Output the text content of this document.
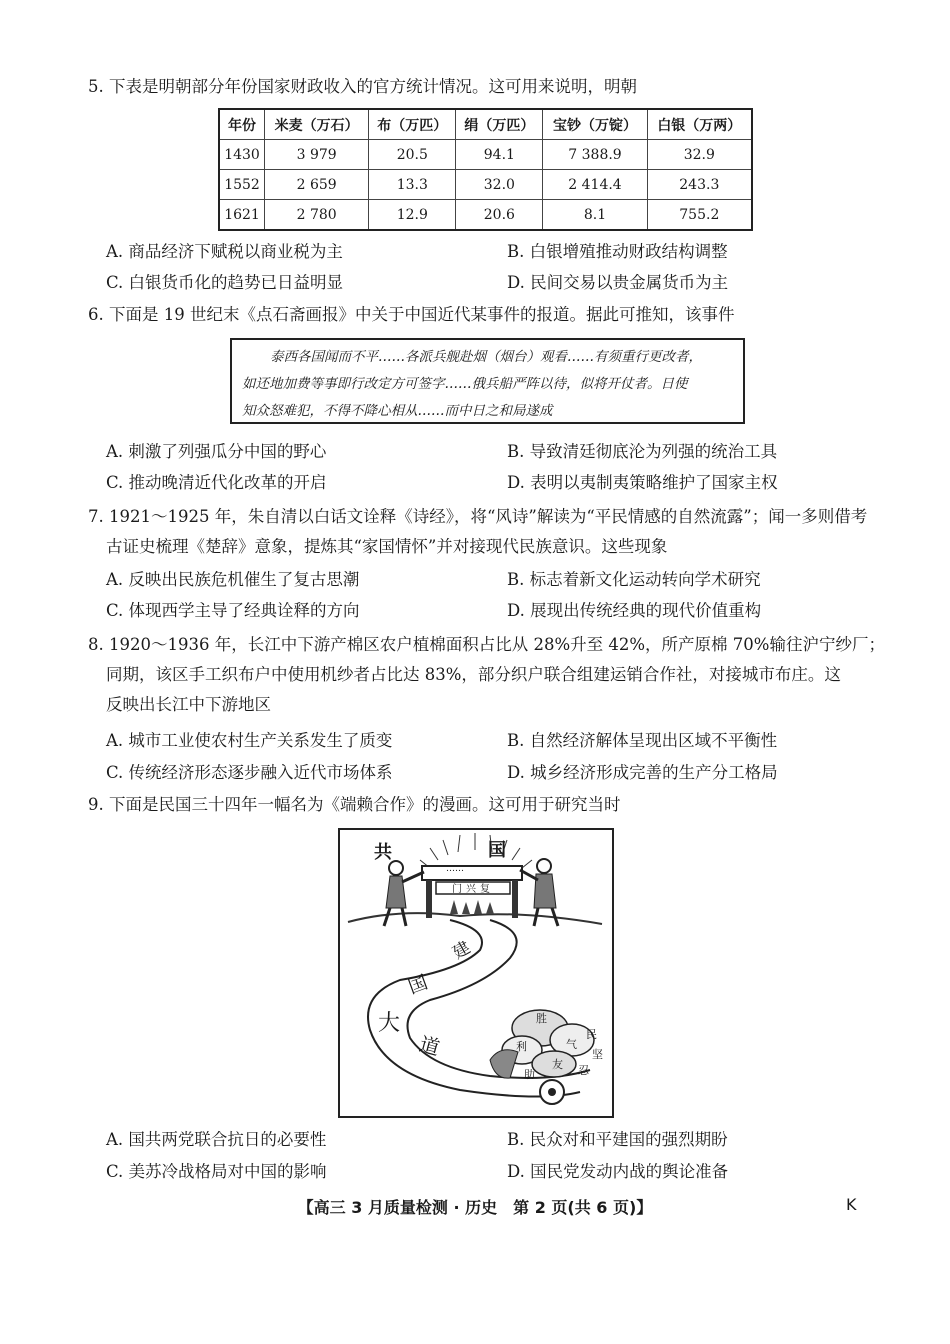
5. 下表是明朝部分年份国家财政收入的官方统计情况。这可用来说明，明朝
年份	米麦（万石）	布（万匹）	绢（万匹）	宝钞（万锭）	白银（万两）
1430	3 979	20.5	94.1	7 388.9	32.9
1552	2 659	13.3	32.0	2 414.4	243.3
1621	2 780	12.9	20.6	8.1	755.2
A. 商品经济下赋税以商业税为主	B. 白银增殖推动财政结构调整
C. 白银货币化的趋势已日益明显	D. 民间交易以贵金属货币为主
6. 下面是 19 世纪末《点石斋画报》中关于中国近代某事件的报道。据此可推知，该事件
泰西各国闻而不平……各派兵舰赴烟（烟台）观看……有须重行更改者，
如还地加费等事即行改定方可签字……俄兵船严阵以待，似将开仗者。日使
知众怒难犯，不得不降心相从……而中日之和局遂成
A. 刺激了列强瓜分中国的野心	B. 导致清廷彻底沦为列强的统治工具
C. 推动晚清近代化改革的开启	D. 表明以夷制夷策略维护了国家主权
7. 1921～1925 年，朱自清以白话文诠释《诗经》，将“风诗”解读为“平民情感的自然流露”；闻一多则借考
古证史梳理《楚辞》意象，提炼其“家国情怀”并对接现代民族意识。这些现象
A. 反映出民族危机催生了复古思潮	B. 标志着新文化运动转向学术研究
C. 体现西学主导了经典诠释的方向	D. 展现出传统经典的现代价值重构
8. 1920～1936 年，长江中下游产棉区农户植棉面积占比从 28%升至 42%，所产原棉 70%输往沪宁纱厂；
同期，该区手工织布户中使用机纱者占比达 83%，部分织户联合组建运销合作社，对接城市布庄。这
反映出长江中下游地区
A. 城市工业使农村生产关系发生了质变	B. 自然经济解体呈现出区域不平衡性
C. 传统经济形态逐步融入近代市场体系	D. 城乡经济形成完善的生产分工格局
9. 下面是民国三十四年一幅名为《端赖合作》的漫画。这可用于研究当时
共	国
……
门兴复
建
国
大
道
胜
利
民
气
助
友
坚
忍
A. 国共两党联合抗日的必要性	B. 民众对和平建国的强烈期盼
C. 美苏冷战格局对中国的影响	D. 国民党发动内战的舆论准备
【高三 3 月质量检测 · 历史　第 2 页(共 6 页)】	K
